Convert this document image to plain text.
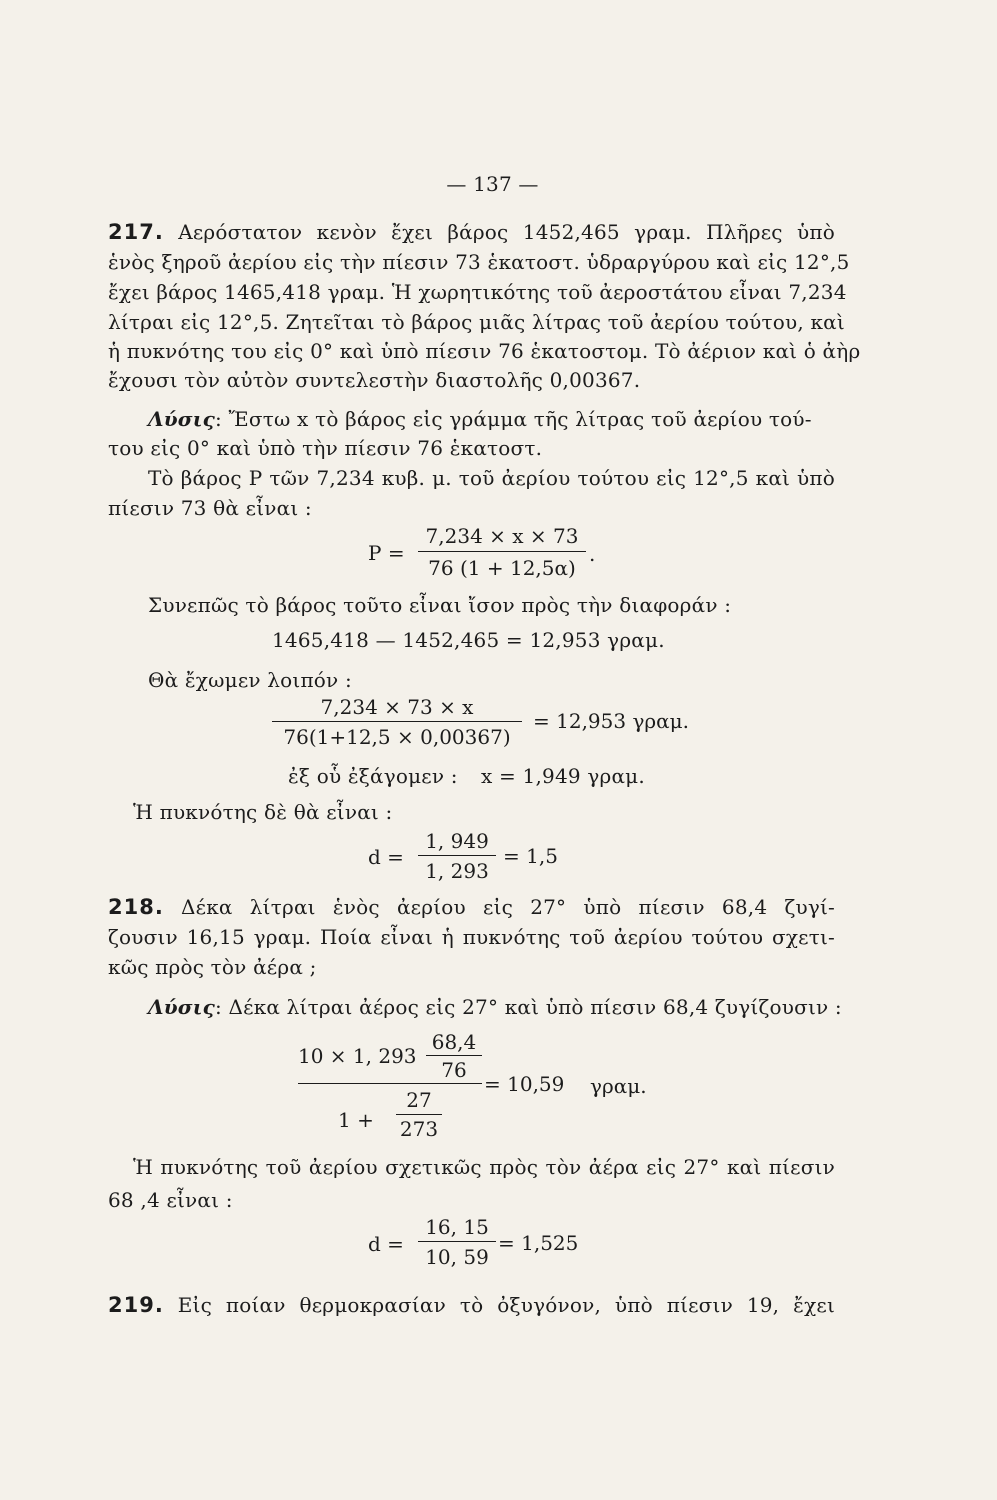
— 137 —
217. Αερόστατον κενὸν ἔχει βάρος 1452,465 γραμ. Πλῆρες ὑπὸ
ἑνὸς ξηροῦ ἀερίου εἰς τὴν πίεσιν 73 ἑκατοστ. ὑδραργύρου καὶ εἰς 12°,5
ἔχει βάρος 1465,418 γραμ. Ἡ χωρητικότης τοῦ ἀεροστάτου εἶναι 7,234
λίτραι εἰς 12°,5. Ζητεῖται τὸ βάρος μιᾶς λίτρας τοῦ ἀερίου τούτου, καὶ
ἡ πυκνότης του εἰς 0° καὶ ὑπὸ πίεσιν 76 ἑκατοστομ. Τὸ ἀέριον καὶ ὁ ἀὴρ
ἔχουσι τὸν αὐτὸν συντελεστὴν διαστολῆς 0,00367.
Λύσις: Ἔστω x τὸ βάρος εἰς γράμμα τῆς λίτρας τοῦ ἀερίου τού-
του εἰς 0° καὶ ὑπὸ τὴν πίεσιν 76 ἑκατοστ.
Τὸ βάρος P τῶν 7,234 κυβ. μ. τοῦ ἀερίου τούτου εἰς 12°,5 καὶ ὑπὸ
πίεσιν 73 θὰ εἶναι :
P =
7,234 × x × 73
76 (1 + 12,5α)
.
Συνεπῶς τὸ βάρος τοῦτο εἶναι ἴσον πρὸς τὴν διαφοράν :
1465,418 — 1452,465 = 12,953 γραμ.
Θὰ ἔχωμεν λοιπόν :
7,234 × 73 × x
76(1+12,5 × 0,00367)
= 12,953 γραμ.
ἐξ οὗ ἐξάγομεν : x = 1,949 γραμ.
Ἡ πυκνότης δὲ θὰ εἶναι :
d =
1, 949
1, 293
= 1,5
218. Δέκα λίτραι ἑνὸς ἀερίου εἰς 27° ὑπὸ πίεσιν 68,4 ζυγί-
ζουσιν 16,15 γραμ. Ποία εἶναι ἡ πυκνότης τοῦ ἀερίου τούτου σχετι-
κῶς πρὸς τὸν ἀέρα ;
Λύσις: Δέκα λίτραι ἀέρος εἰς 27° καὶ ὑπὸ πίεσιν 68,4 ζυγίζουσιν :
10 × 1, 293
68,4
76
1 +
27
273
= 10,59 γραμ.
Ἡ πυκνότης τοῦ ἀερίου σχετικῶς πρὸς τὸν ἀέρα εἰς 27° καὶ πίεσιν
68 ,4 εἶναι :
d =
16, 15
10, 59
= 1,525
219. Εἰς ποίαν θερμοκρασίαν τὸ ὀξυγόνον, ὑπὸ πίεσιν 19, ἔχει
